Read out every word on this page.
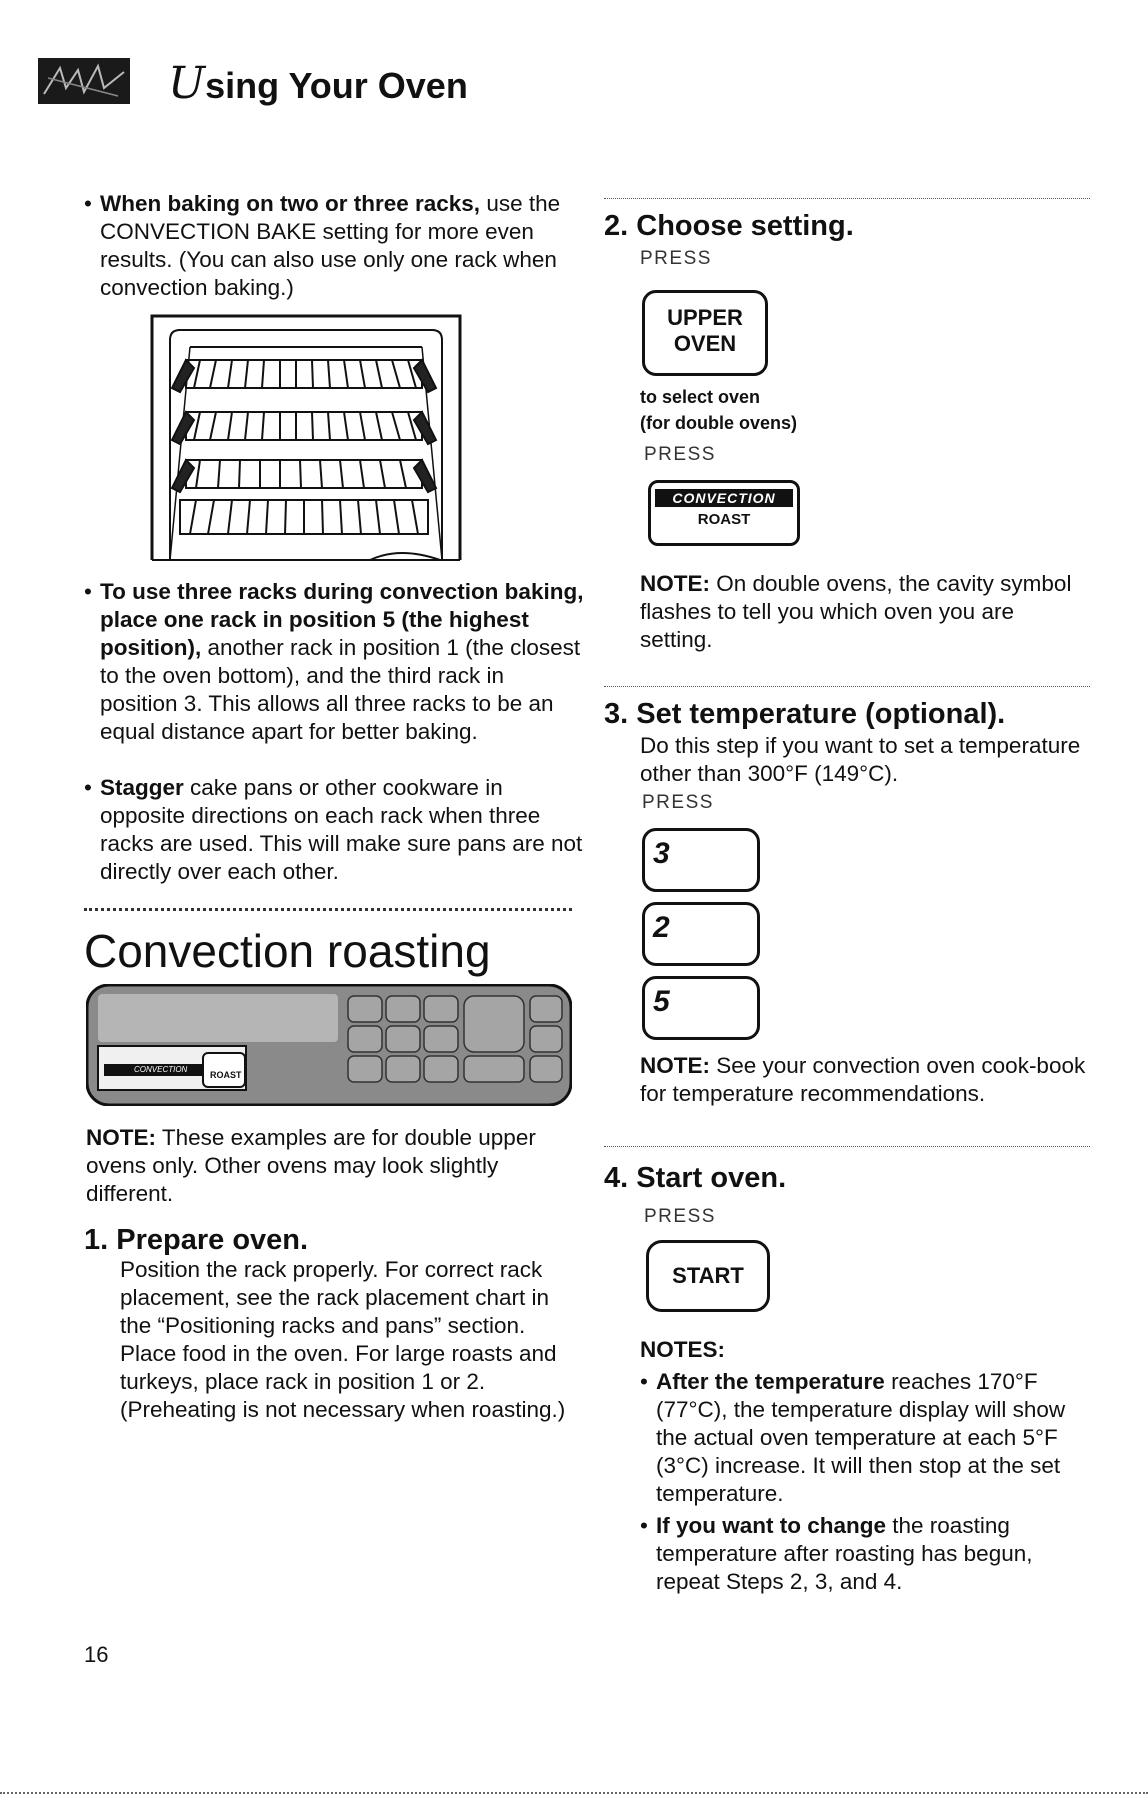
Using Your Oven

• When baking on two or three racks, use the CONVECTION BAKE setting for more even results. (You can also use only one rack when convection baking.)

• To use three racks during convection baking, place one rack in position 5 (the highest position), another rack in position 1 (the closest to the oven bottom), and the third rack in position 3. This allows all three racks to be an equal distance apart for better baking.

• Stagger cake pans or other cookware in opposite directions on each rack when three racks are used. This will make sure pans are not directly over each other.

Convection roasting
CONVECTION
ROAST

NOTE: These examples are for double upper ovens only. Other ovens may look slightly different.

1. Prepare oven.
Position the rack properly. For correct rack placement, see the rack placement chart in the “Positioning racks and pans” section. Place food in the oven. For large roasts and turkeys, place rack in position 1 or 2. (Preheating is not necessary when roasting.)
16
2. Choose setting.
PRESS
UPPER
OVEN
to select oven
(for double ovens)
PRESS
CONVECTION
ROAST

NOTE: On double ovens, the cavity symbol flashes to tell you which oven you are setting.

3. Set temperature (optional).
Do this step if you want to set a temperature other than 300°F (149°C).
PRESS
3
2
5

NOTE: See your convection oven cook-book for temperature recommendations.

4. Start oven.
PRESS
START
NOTES:

• After the temperature reaches 170°F (77°C), the temperature display will show the actual oven temperature at each 5°F (3°C) increase. It will then stop at the set temperature.

• If you want to change the roasting temperature after roasting has begun, repeat Steps 2, 3, and 4.
